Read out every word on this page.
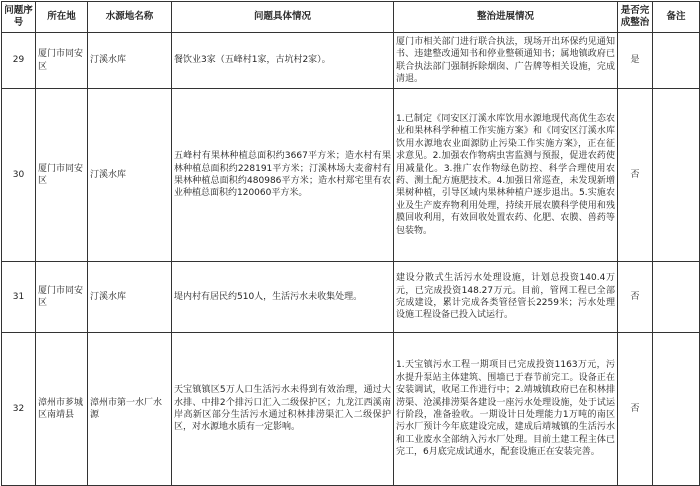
问题序号	所在地	水源地名称	问题具体情况	整治进展情况	是否完成整治	备注
29	厦门市同安区	汀溪水库	餐饮业3家（五峰村1家，古坑村2家）。	厦门市相关部门进行联合执法，现场开出环保约见通知书、违建整改通知书和停业整顿通知书；属地镇政府已联合执法部门强制拆除烟囱、广告牌等相关设施，完成清退。	是	
30	厦门市同安区	汀溪水库	五峰村有果林种植总面积约3667平方米；造水村有果林种植总面积约228191平方米；汀溪林场大麦畲村有果林种植总面积约480986平方米；造水村郑宅里有农业种植总面积约120060平方米。	1.已制定《同安区汀溪水库饮用水源地现代高优生态农业和果林科学种植工作实施方案》和《同安区汀溪水库饮用水源地农业面源防止污染工作实施方案》，正在征求意见。2.加强农作物病虫害监测与预报，促进农药使用减量化。3.推广农作物绿色防控、科学合理使用农药、测土配方施肥技术。4.加强日常巡查，未发现新增果树种植，引导区域内果林种植户逐步退出。5.实施农业及生产废弃物利用处理，持续开展农膜科学使用和残膜回收利用，有效回收处置农药、化肥、农膜、兽药等包装物。	否	
31	厦门市同安区	汀溪水库	堤内村有居民约510人，生活污水未收集处理。	建设分散式生活污水处理设施，计划总投资140.4万元，已完成投资148.27万元。目前，管网工程已全部完成建设，累计完成各类管径管长2259米；污水处理设施工程设备已投入试运行。	否	
32	漳州市芗城区南靖县	漳州市第一水厂水源	天宝镇镇区5万人口生活污水未得到有效治理，通过大水排、中排2个排污口汇入二级保护区；九龙江西溪南岸高新区部分生活污水通过积林排涝渠汇入二级保护区，对水源地水质有一定影响。	1.天宝镇污水工程一期项目已完成投资1163万元，污水提升泵站主体建筑、围墙已于春节前完工。设备正在安装调试，收尾工作进行中；2.靖城镇政府已在积林排涝渠、沧溪排涝渠各建设一座污水处理设施，处于试运行阶段，准备验收。一期设计日处理能力1万吨的南区污水厂预计今年底建设完成，建成后靖城镇的生活污水和工业废水全部纳入污水厂处理。目前土建工程主体已完工，6月底完成试通水，配套设施正在安装完善。	否	
